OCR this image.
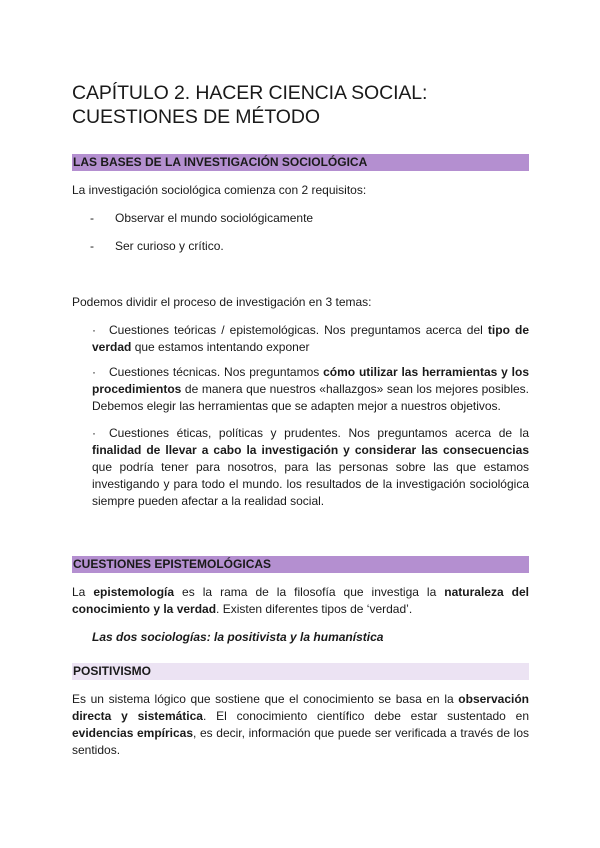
CAPÍTULO 2. HACER CIENCIA SOCIAL: CUESTIONES DE MÉTODO
LAS BASES DE LA INVESTIGACIÓN SOCIOLÓGICA

La investigación sociológica comienza con 2 requisitos:

- Observar el mundo sociológicamente
- Ser curioso y crítico.

Podemos dividir el proceso de investigación en 3 temas:

· Cuestiones teóricas / epistemológicas. Nos preguntamos acerca del tipo de verdad que estamos intentando exponer

· Cuestiones técnicas. Nos preguntamos cómo utilizar las herramientas y los procedimientos de manera que nuestros «hallazgos» sean los mejores posibles. Debemos elegir las herramientas que se adapten mejor a nuestros objetivos.

· Cuestiones éticas, políticas y prudentes. Nos preguntamos acerca de la finalidad de llevar a cabo la investigación y considerar las consecuencias que podría tener para nosotros, para las personas sobre las que estamos investigando y para todo el mundo. los resultados de la investigación sociológica siempre pueden afectar a la realidad social.

CUESTIONES EPISTEMOLÓGICAS

La epistemología es la rama de la filosofía que investiga la naturaleza del conocimiento y la verdad. Existen diferentes tipos de ‘verdad’.

Las dos sociologías: la positivista y la humanística
POSITIVISMO

Es un sistema lógico que sostiene que el conocimiento se basa en la observación directa y sistemática. El conocimiento científico debe estar sustentado en evidencias empíricas, es decir, información que puede ser verificada a través de los sentidos.
